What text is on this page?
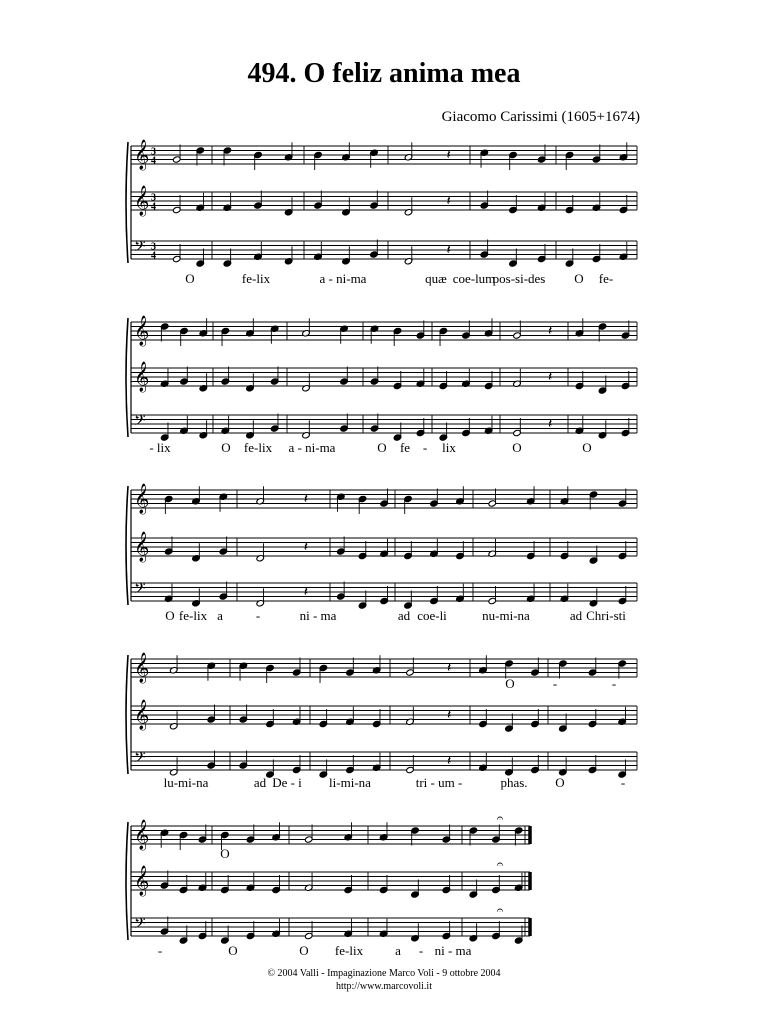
494. O feliz anima mea
Giacomo Carissimi (1605+1674)
𝄞 3
4
𝄞 3
4
𝄢 3
4
𝄽
𝄽
𝄽
O	fe-lix	a - ni-ma	quæ coe-lum
pos-si-des O fe-
𝄞
𝄞
𝄢
𝄽
𝄽
𝄽
- lix	O fe-lix a - ni-ma	O fe - lix	O	O
𝄞
𝄞
𝄢
𝄽
𝄽
𝄽
O fe-lix a	-	ni - ma	ad coe-li	nu-mi-na	ad Chri-sti
𝄞
𝄞
𝄢
𝄽
𝄽
𝄽
lu-mi-na	ad De - i li-mi-na	tri - um -	phas. O	-
O	-	-
𝄞
𝄞
𝄢
-	O	O fe-lix a - ni - ma
O
𝄐
𝄐
𝄐
© 2004 Valli - Impaginazione Marco Voli - 9 ottobre 2004
http://www.marcovoli.it
